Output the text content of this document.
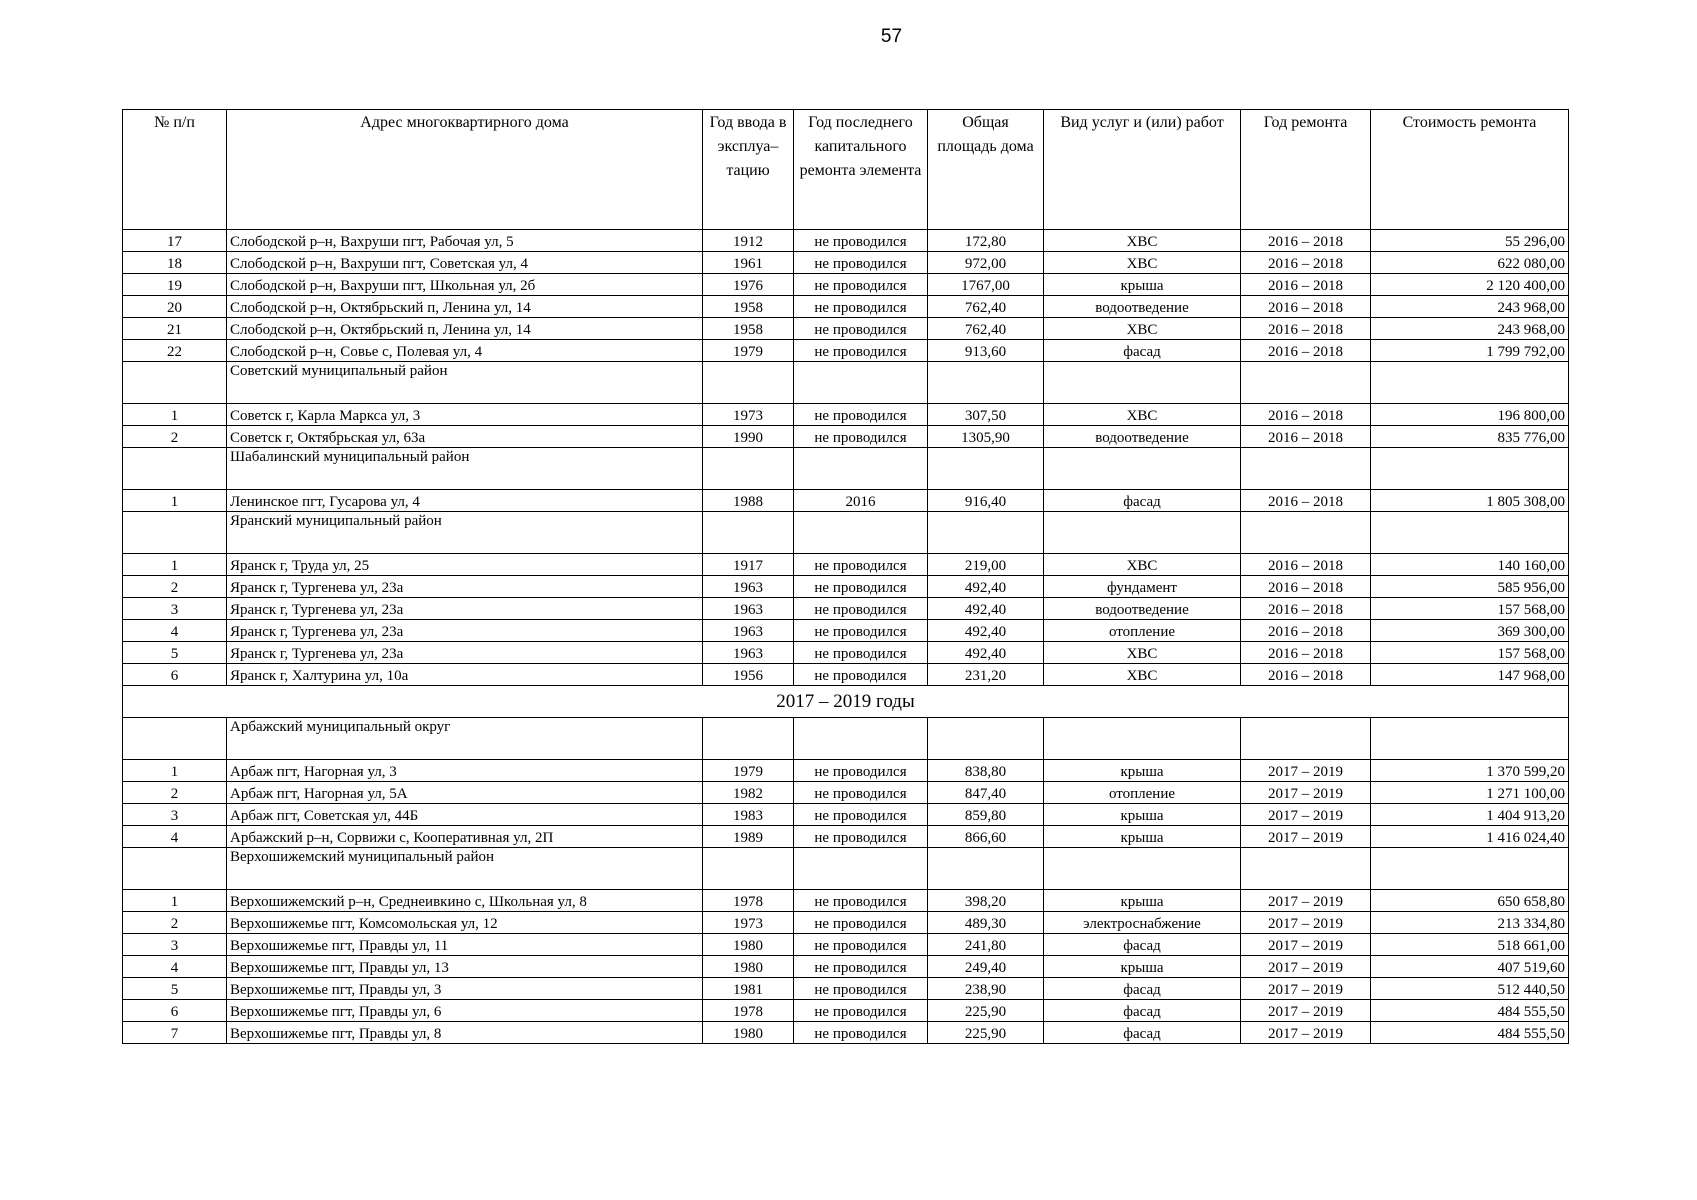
57
№ п/п	Адрес многоквартирного дома	Год ввода в эксплуа– тацию	Год последнего капитального ремонта элемента	Общая площадь дома	Вид услуг и (или) работ	Год ремонта	Стоимость ремонта
17	Слободской р–н, Вахруши пгт, Рабочая ул, 5	1912	не проводился	172,80	ХВС	2016 – 2018	55 296,00
18	Слободской р–н, Вахруши пгт, Советская ул, 4	1961	не проводился	972,00	ХВС	2016 – 2018	622 080,00
19	Слободской р–н, Вахруши пгт, Школьная ул, 2б	1976	не проводился	1767,00	крыша	2016 – 2018	2 120 400,00
20	Слободской р–н, Октябрьский п, Ленина ул, 14	1958	не проводился	762,40	водоотведение	2016 – 2018	243 968,00
21	Слободской р–н, Октябрьский п, Ленина ул, 14	1958	не проводился	762,40	ХВС	2016 – 2018	243 968,00
22	Слободской р–н, Совье с, Полевая ул, 4	1979	не проводился	913,60	фасад	2016 – 2018	1 799 792,00
	Советский муниципальный район						
1	Советск г, Карла Маркса ул, 3	1973	не проводился	307,50	ХВС	2016 – 2018	196 800,00
2	Советск г, Октябрьская ул, 63а	1990	не проводился	1305,90	водоотведение	2016 – 2018	835 776,00
	Шабалинский муниципальный район						
1	Ленинское пгт, Гусарова ул, 4	1988	2016	916,40	фасад	2016 – 2018	1 805 308,00
	Яранский муниципальный район						
1	Яранск г, Труда ул, 25	1917	не проводился	219,00	ХВС	2016 – 2018	140 160,00
2	Яранск г, Тургенева ул, 23а	1963	не проводился	492,40	фундамент	2016 – 2018	585 956,00
3	Яранск г, Тургенева ул, 23а	1963	не проводился	492,40	водоотведение	2016 – 2018	157 568,00
4	Яранск г, Тургенева ул, 23а	1963	не проводился	492,40	отопление	2016 – 2018	369 300,00
5	Яранск г, Тургенева ул, 23а	1963	не проводился	492,40	ХВС	2016 – 2018	157 568,00
6	Яранск г, Халтурина ул, 10а	1956	не проводился	231,20	ХВС	2016 – 2018	147 968,00
2017 – 2019 годы							
	Арбажский муниципальный округ						
1	Арбаж пгт, Нагорная ул, 3	1979	не проводился	838,80	крыша	2017 – 2019	1 370 599,20
2	Арбаж пгт, Нагорная ул, 5А	1982	не проводился	847,40	отопление	2017 – 2019	1 271 100,00
3	Арбаж пгт, Советская ул, 44Б	1983	не проводился	859,80	крыша	2017 – 2019	1 404 913,20
4	Арбажский р–н, Сорвижи с, Кооперативная ул, 2П	1989	не проводился	866,60	крыша	2017 – 2019	1 416 024,40
	Верхошижемский муниципальный район						
1	Верхошижемский р–н, Среднеивкино с, Школьная ул, 8	1978	не проводился	398,20	крыша	2017 – 2019	650 658,80
2	Верхошижемье пгт, Комсомольская ул, 12	1973	не проводился	489,30	электроснабжение	2017 – 2019	213 334,80
3	Верхошижемье пгт, Правды ул, 11	1980	не проводился	241,80	фасад	2017 – 2019	518 661,00
4	Верхошижемье пгт, Правды ул, 13	1980	не проводился	249,40	крыша	2017 – 2019	407 519,60
5	Верхошижемье пгт, Правды ул, 3	1981	не проводился	238,90	фасад	2017 – 2019	512 440,50
6	Верхошижемье пгт, Правды ул, 6	1978	не проводился	225,90	фасад	2017 – 2019	484 555,50
7	Верхошижемье пгт, Правды ул, 8	1980	не проводился	225,90	фасад	2017 – 2019	484 555,50
